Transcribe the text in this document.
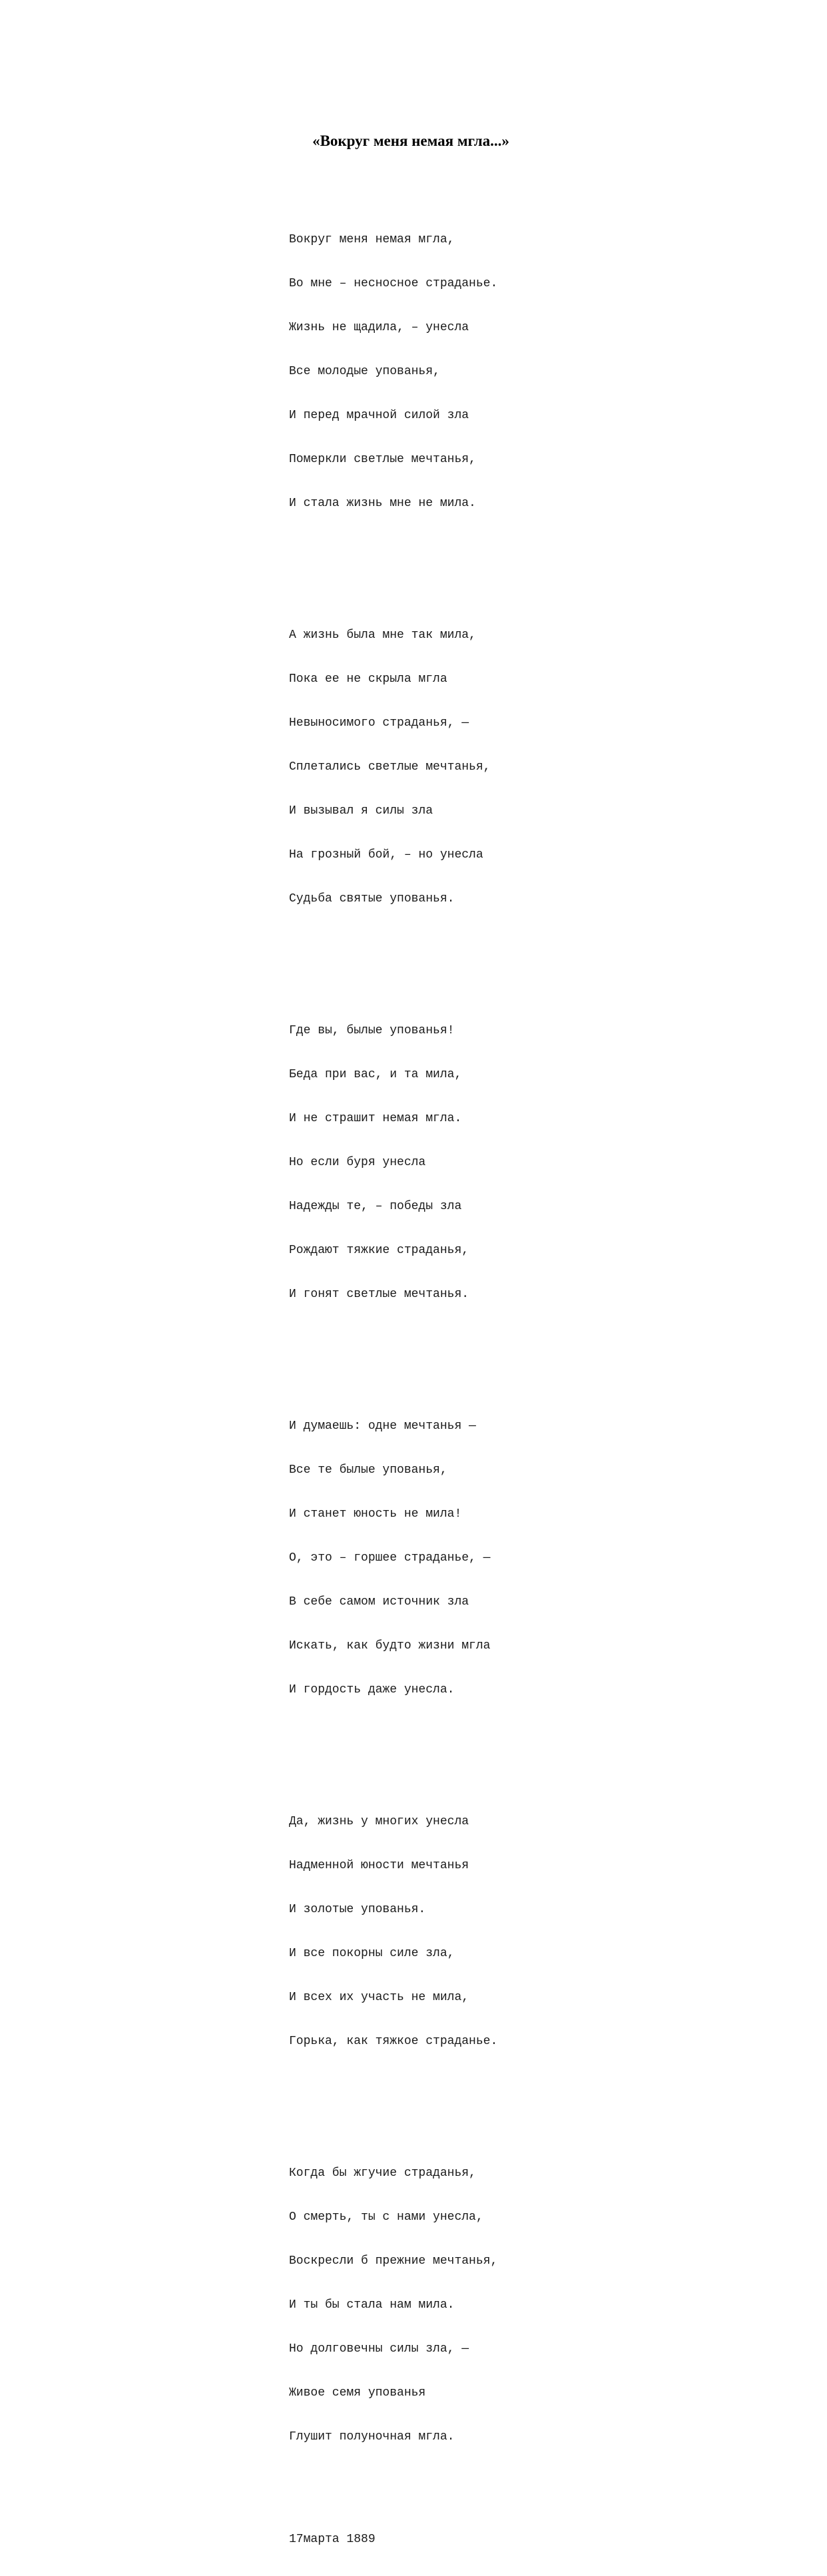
«Вокруг меня немая мгла...»

Вокруг меня немая мгла,

Во мне – несносное страданье.

Жизнь не щадила, – унесла

Все молодые упованья,

И перед мрачной силой зла

Померкли светлые мечтанья,

И стала жизнь мне не мила.

А жизнь была мне так мила,

Пока ее не скрыла мгла

Невыносимого страданья, —

Сплетались светлые мечтанья,

И вызывал я силы зла

На грозный бой, – но унесла

Судьба святые упованья.

Где вы, былые упованья!

Беда при вас, и та мила,

И не страшит немая мгла.

Но если буря унесла

Надежды те, – победы зла

Рождают тяжкие страданья,

И гонят светлые мечтанья.

И думаешь: одне мечтанья —

Все те былые упованья,

И станет юность не мила!

О, это – горшее страданье, —

В себе самом источник зла

Искать, как будто жизни мгла

И гордость даже унесла.

Да, жизнь у многих унесла

Надменной юности мечтанья

И золотые упованья.

И все покорны силе зла,

И всех их участь не мила,

Горька, как тяжкое страданье.

Когда бы жгучие страданья,

О смерть, ты с нами унесла,

Воскресли б прежние мечтанья,

И ты бы стала нам мила.

Но долговечны силы зла, —

Живое семя упованья

Глушит полуночная мгла.

17марта 1889
